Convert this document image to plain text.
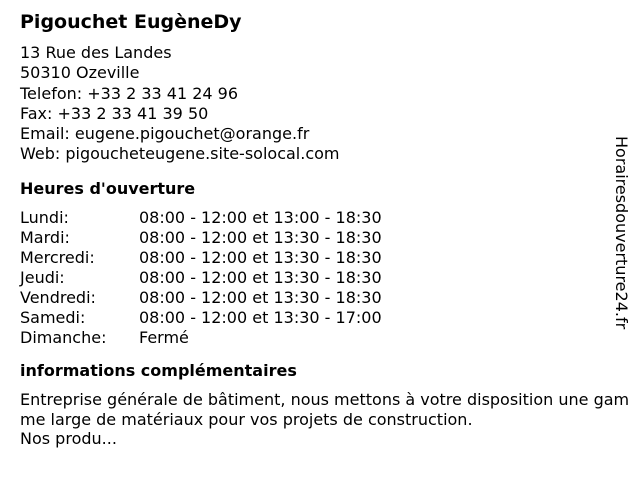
Pigouchet EugèneDy
13 Rue des Landes
50310 Ozeville
Telefon: +33 2 33 41 24 96
Fax: +33 2 33 41 39 50
Email: eugene.pigouchet@orange.fr
Web: pigoucheteugene.site-solocal.com
Heures d'ouverture
Lundi:	08:00 - 12:00 et 13:00 - 18:30
Mardi:	08:00 - 12:00 et 13:30 - 18:30
Mercredi:	08:00 - 12:00 et 13:30 - 18:30
Jeudi:	08:00 - 12:00 et 13:30 - 18:30
Vendredi:	08:00 - 12:00 et 13:30 - 18:30
Samedi:	08:00 - 12:00 et 13:30 - 17:00
Dimanche:	Fermé
informations complémentaires
Entreprise générale de bâtiment, nous mettons à votre disposition une gamme large de matériaux pour vos projets de construction.
Nos produ...
Horairesdouverture24.fr
